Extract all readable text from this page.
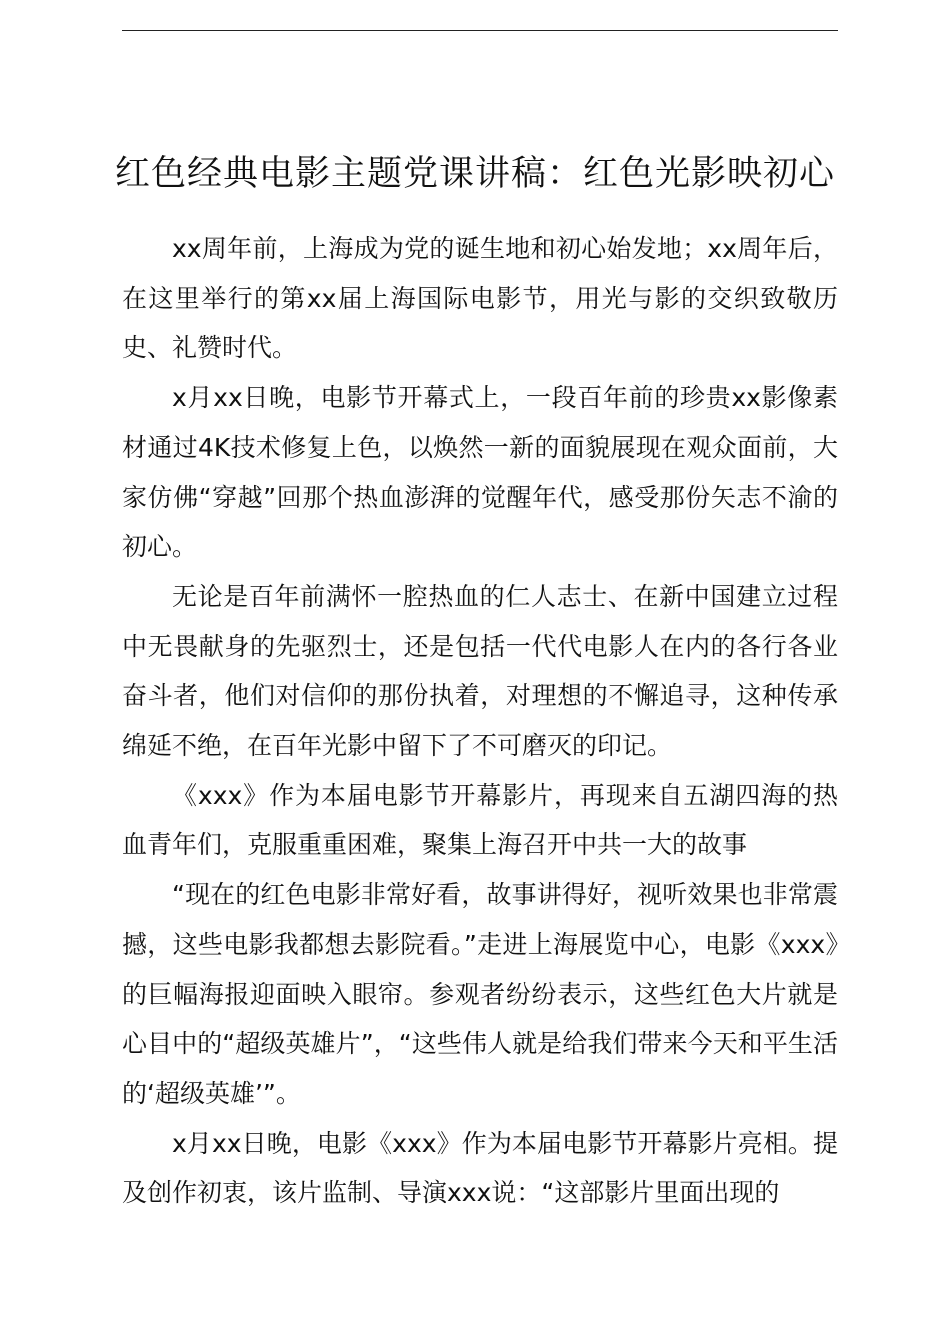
红色经典电影主题党课讲稿：红色光影映初心

xx周年前，上海成为党的诞生地和初心始发地；xx周年后，在这里举行的第xx届上海国际电影节，用光与影的交织致敬历史、礼赞时代。

x月xx日晚，电影节开幕式上，一段百年前的珍贵xx影像素材通过4K技术修复上色，以焕然一新的面貌展现在观众面前，大家仿佛“穿越”回那个热血澎湃的觉醒年代，感受那份矢志不渝的初心。

无论是百年前满怀一腔热血的仁人志士、在新中国建立过程中无畏献身的先驱烈士，还是包括一代代电影人在内的各行各业奋斗者，他们对信仰的那份执着，对理想的不懈追寻，这种传承绵延不绝，在百年光影中留下了不可磨灭的印记。

《xxx》作为本届电影节开幕影片，再现来自五湖四海的热血青年们，克服重重困难，聚集上海召开中共一大的故事

“现在的红色电影非常好看，故事讲得好，视听效果也非常震撼，这些电影我都想去影院看。”走进上海展览中心，电影《xxx》的巨幅海报迎面映入眼帘。参观者纷纷表示，这些红色大片就是心目中的“超级英雄片”，“这些伟人就是给我们带来今天和平生活的‘超级英雄’”。

x月xx日晚，电影《xxx》作为本届电影节开幕影片亮相。提及创作初衷，该片监制、导演xxx说：“这部影片里面出现的
